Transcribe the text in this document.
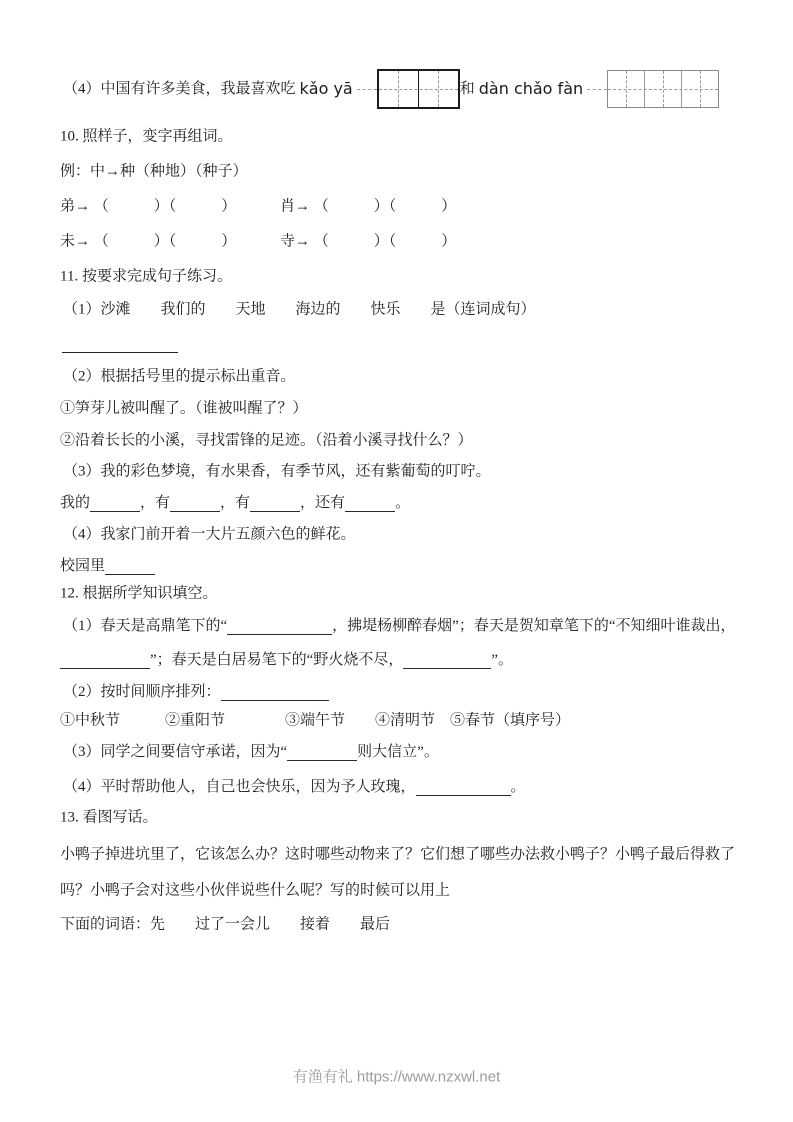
（4）中国有许多美食，我最喜欢吃 kǎo yā	和 dàn chǎo fàn
10. 照样子，变字再组词。
例：中→种（种地）（种子）
弟→ （　　　）（　　　）	肖→ （　　　）（　　　）
未→ （　　　）（　　　）	寺→ （　　　）（　　　）
11. 按要求完成句子练习。
（1）沙滩　　我们的　　天地　　海边的　　快乐　　是（连词成句）
（2）根据括号里的提示标出重音。
①笋芽儿被叫醒了。（谁被叫醒了？）
②沿着长长的小溪，寻找雷锋的足迹。（沿着小溪寻找什么？）
（3）我的彩色梦境，有水果香，有季节风，还有紫葡萄的叮咛。
我的	，有	，有	，还有	。
（4）我家门前开着一大片五颜六色的鲜花。
校园里
12. 根据所学知识填空。
（1）春天是高鼎笔下的“	，拂堤杨柳醉春烟”；春天是贺知章笔下的“不知细叶谁裁出，
”；春天是白居易笔下的“野火烧不尽，	”。
（2）按时间顺序排列：
①中秋节　　　②重阳节　　　　③端午节　　④清明节　⑤春节（填序号）
（3）同学之间要信守承诺，因为“	则大信立”。
（4）平时帮助他人，自己也会快乐，因为予人玫瑰，	。
13. 看图写话。
小鸭子掉进坑里了，它该怎么办？这时哪些动物来了？它们想了哪些办法救小鸭子？小鸭子最后得救了
吗？小鸭子会对这些小伙伴说些什么呢？写的时候可以用上
下面的词语：先　　过了一会儿　　接着　　最后
有渔有礼 https://www.nzxwl.net
